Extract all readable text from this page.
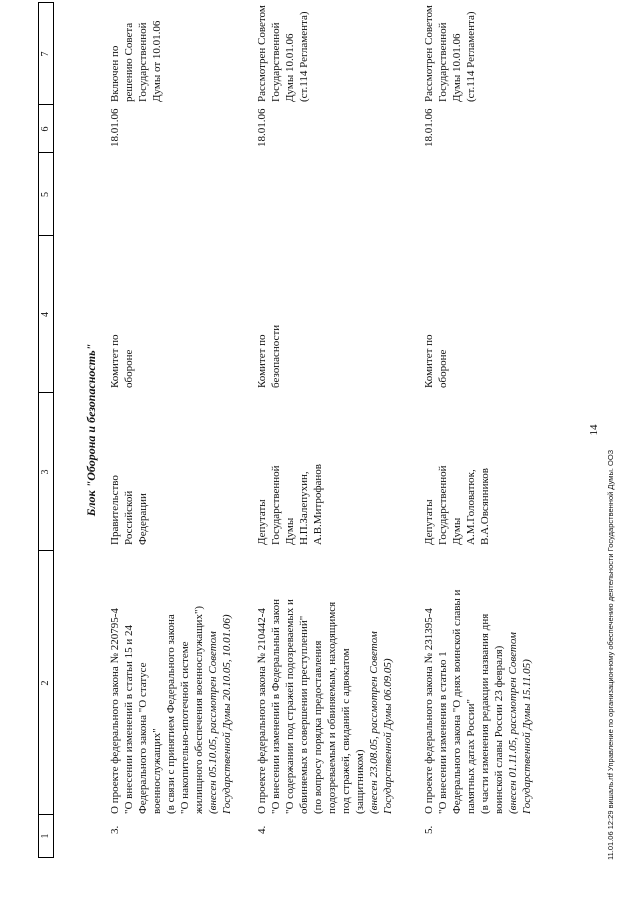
14
1
2
3
4
5
6
7
Блок "Оборона и безопасность"
3.
О проекте федерального закона № 220795-4 "О внесении изменений в статьи 15 и 24 Федерального закона "О статусе военнослужащих" (в связи с принятием Федерального закона "О накопительно-ипотечной системе жилищного обеспечения военнослужащих") (внесен 05.10.05, рассмотрен Советом Государственной Думы 20.10.05, 10.01.06)
Правительство Российской Федерации
Комитет по обороне
18.01.06
Включен по решению Совета Государственной Думы от 10.01.06
4.
О проекте федерального закона № 210442-4 "О внесении изменений в Федеральный закон "О содержании под стражей подозреваемых и обвиняемых в совершении преступлений" (по вопросу порядка предоставления подозреваемым и обвиняемым, находящимся под стражей, свиданий с адвокатом (защитником) (внесен 23.08.05, рассмотрен Советом Государственной Думы 06.09.05)
Депутаты Государственной Думы Н.П.Залепухин, А.В.Митрофанов
Комитет по безопасности
18.01.06
Рассмотрен Советом Государственной Думы 10.01.06 (ст.114 Регламента)
5.
О проекте федерального закона № 231395-4 "О внесении изменения в статью 1 Федерального закона "О днях воинской славы и памятных датах России" (в части изменения редакции названия дня воинской славы России 23 февраля) (внесен 01.11.05, рассмотрен Советом Государственной Думы 15.11.05)
Депутаты Государственной Думы А.М.Головатюк, В.А.Овсянников
Комитет по обороне
18.01.06
Рассмотрен Советом Государственной Думы 10.01.06 (ст.114 Регламента)
11.01.06 12:29 вишаль.rtf Управление по организационному обеспечению деятельности Государственной Думы. ООЗ
